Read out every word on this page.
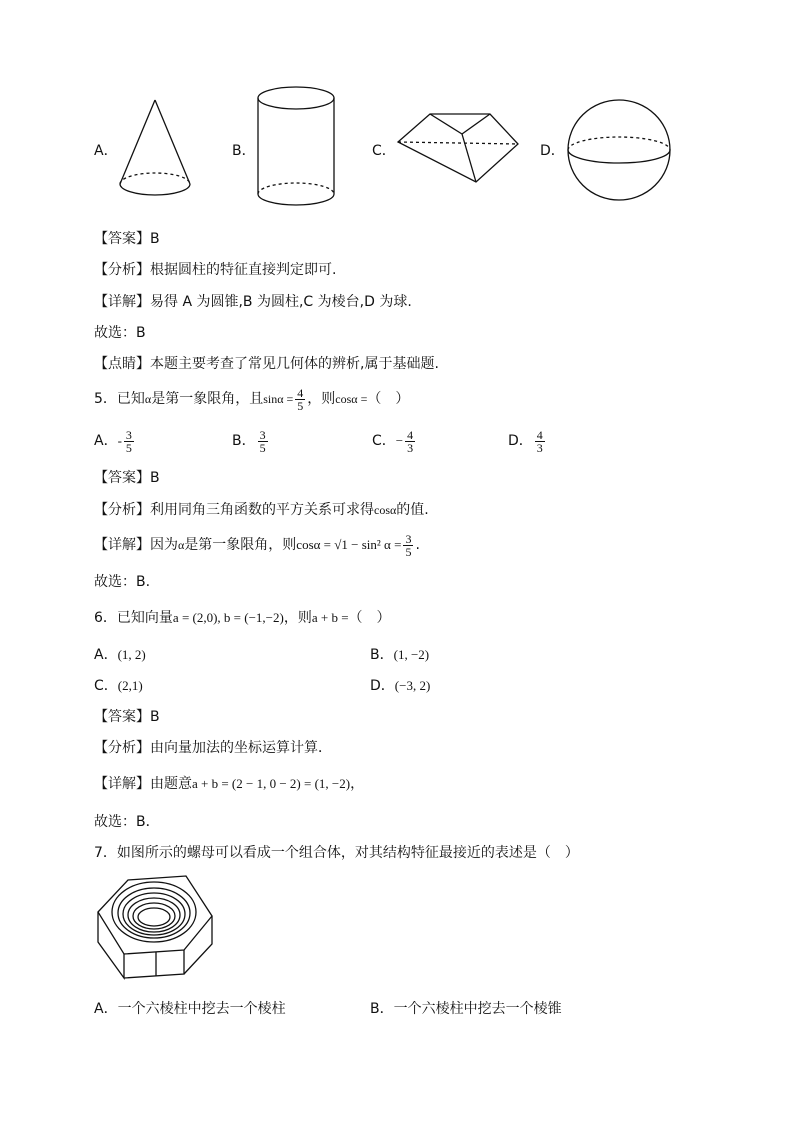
A．	B．	C．	D．
【答案】B
【分析】根据圆柱的特征直接判定即可.
【详解】易得 A 为圆锥,B 为圆柱,C 为棱台,D 为球.
故选：B
【点睛】本题主要考查了常见几何体的辨析,属于基础题.
5．已知α是第一象限角，且$\sin\alpha = \frac{4}{5}$ ，则cosα =（　）
A．- $\frac{3}{5}$	B． $\frac{3}{5}$	C．− $\frac{4}{3}$	D． $\frac{4}{3}$
【答案】B
【分析】利用同角三角函数的平方关系可求得cosα的值.
【详解】因为α是第一象限角，则cosα = √1 − sin² $\alpha = \frac{3}{5}$ .
故选：B.
6．已知向量a = (2,0), b = (−1,−2)，则a + b =（　）
A．(1, 2)	B．(1, −2)
C．(2,1)	D．(−3, 2)
【答案】B
【分析】由向量加法的坐标运算计算．
【详解】由题意a + b = (2 − 1, 0 − 2) = (1, −2)，
故选：B．
7．如图所示的螺母可以看成一个组合体，对其结构特征最接近的表述是（　）
A．一个六棱柱中挖去一个棱柱	B．一个六棱柱中挖去一个棱锥
